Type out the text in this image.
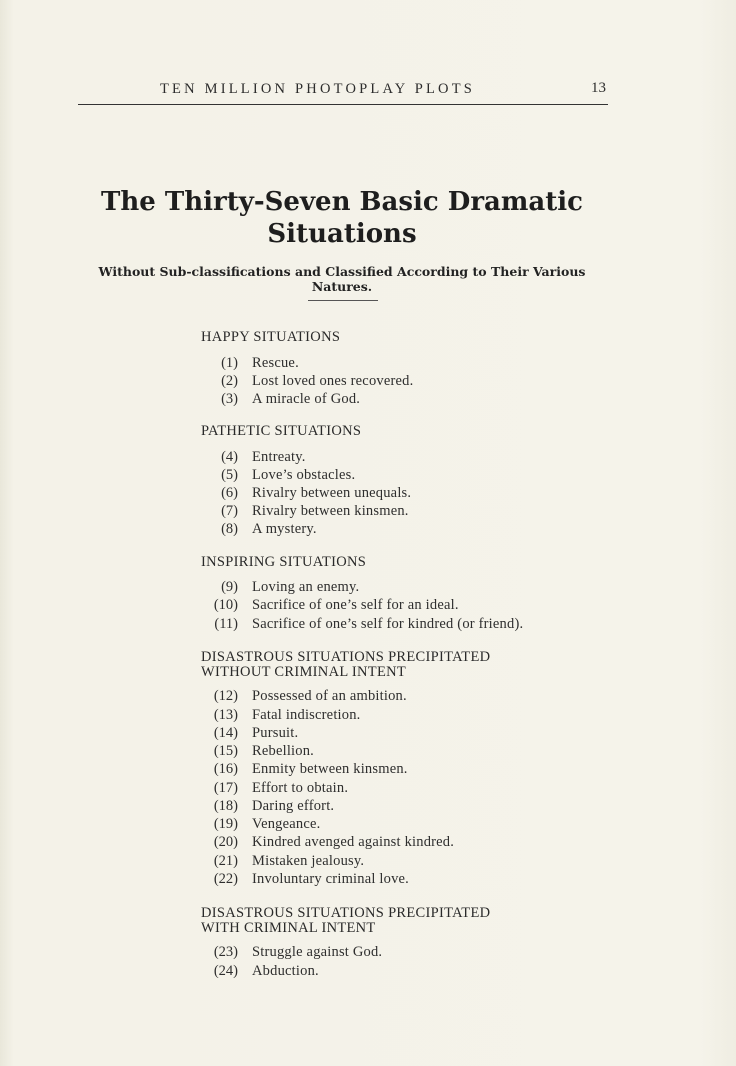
TEN MILLION PHOTOPLAY PLOTS	13
The Thirty-Seven Basic Dramatic
Situations
Without Sub-classifications and Classified According to Their Various Natures.
HAPPY SITUATIONS
(1) Rescue.
(2) Lost loved ones recovered.
(3) A miracle of God.
PATHETIC SITUATIONS
(4) Entreaty.
(5) Love’s obstacles.
(6) Rivalry between unequals.
(7) Rivalry between kinsmen.
(8) A mystery.
INSPIRING SITUATIONS
(9) Loving an enemy.
(10) Sacrifice of one’s self for an ideal.
(11) Sacrifice of one’s self for kindred (or friend).
DISASTROUS SITUATIONS PRECIPITATED
WITHOUT CRIMINAL INTENT
(12) Possessed of an ambition.
(13) Fatal indiscretion.
(14) Pursuit.
(15) Rebellion.
(16) Enmity between kinsmen.
(17) Effort to obtain.
(18) Daring effort.
(19) Vengeance.
(20) Kindred avenged against kindred.
(21) Mistaken jealousy.
(22) Involuntary criminal love.
DISASTROUS SITUATIONS PRECIPITATED
WITH CRIMINAL INTENT
(23) Struggle against God.
(24) Abduction.
